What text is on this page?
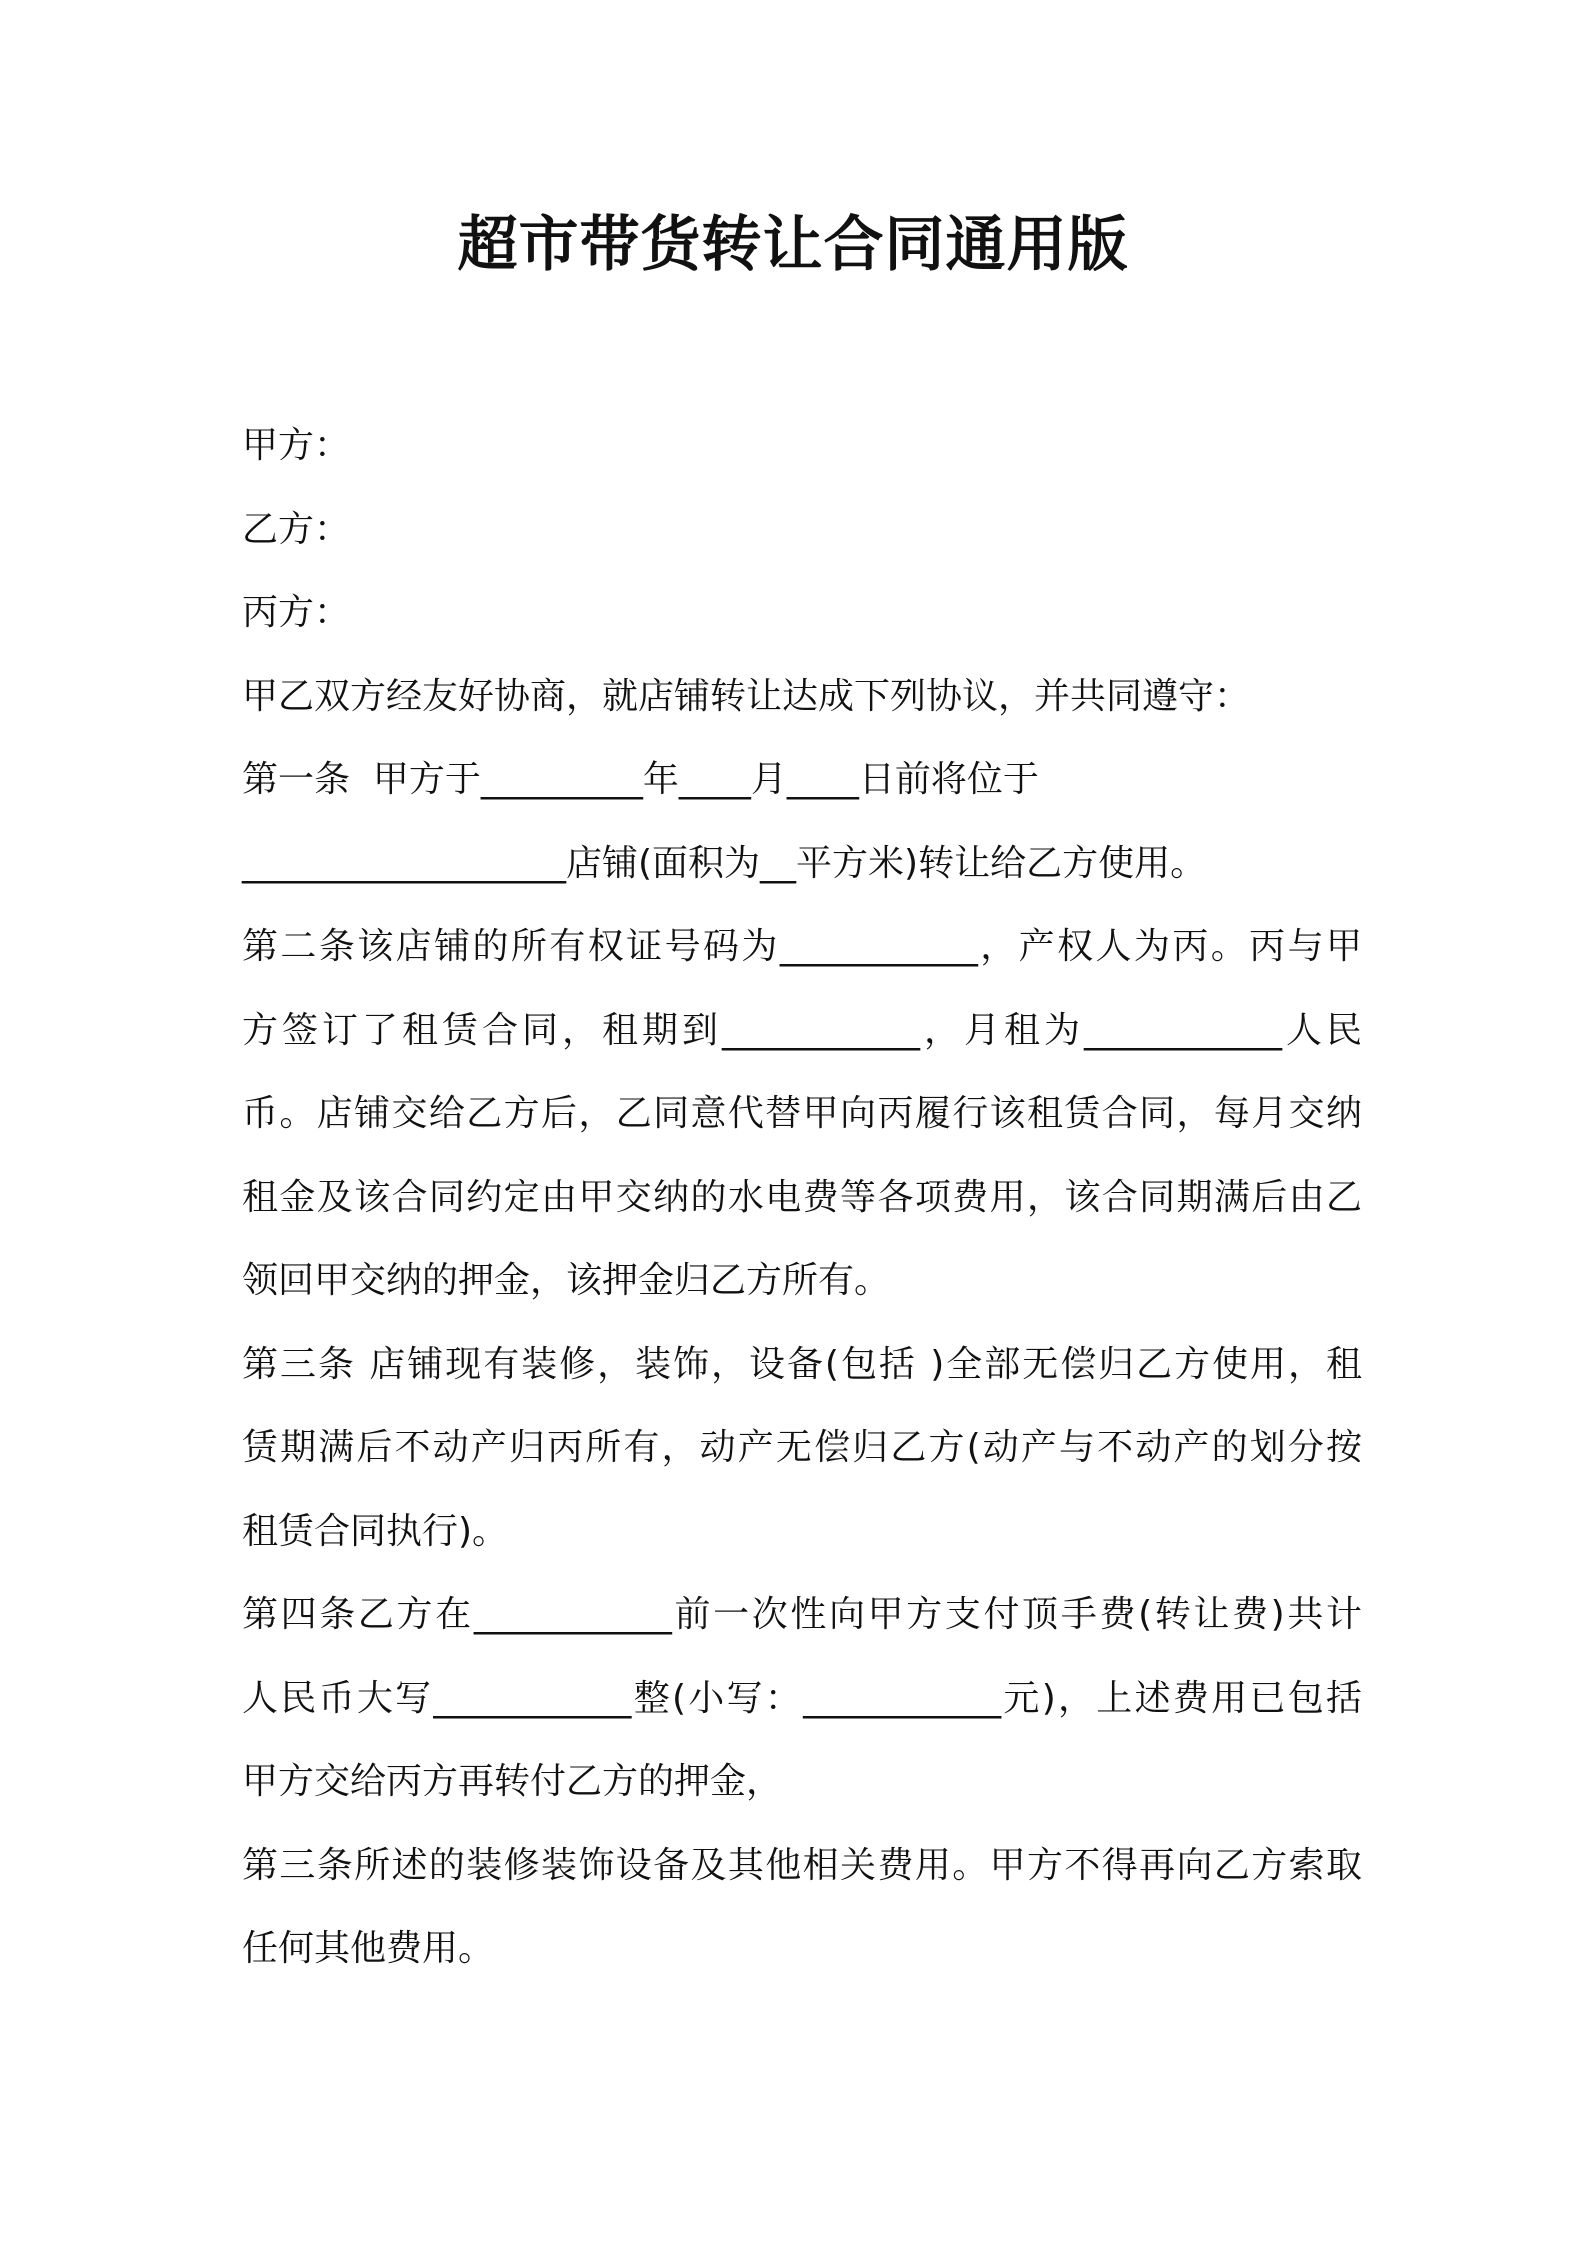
超市带货转让合同通用版
甲方：
乙方：
丙方：
甲乙双方经友好协商，就店铺转让达成下列协议，并共同遵守：
第一条  甲方于_________年____月____日前将位于
__________________店铺(面积为__平方米)转让给乙方使用。
第二条该店铺的所有权证号码为___________，产权人为丙。丙与甲
方签订了租赁合同，租期到___________，月租为___________人民
币。店铺交给乙方后，乙同意代替甲向丙履行该租赁合同，每月交纳
租金及该合同约定由甲交纳的水电费等各项费用，该合同期满后由乙
领回甲交纳的押金，该押金归乙方所有。
第三条 店铺现有装修，装饰，设备(包括 )全部无偿归乙方使用，租
赁期满后不动产归丙所有，动产无偿归乙方(动产与不动产的划分按
租赁合同执行)。
第四条乙方在___________前一次性向甲方支付顶手费(转让费)共计
人民币大写___________整(小写：___________元)，上述费用已包括
甲方交给丙方再转付乙方的押金，
第三条所述的装修装饰设备及其他相关费用。甲方不得再向乙方索取
任何其他费用。
